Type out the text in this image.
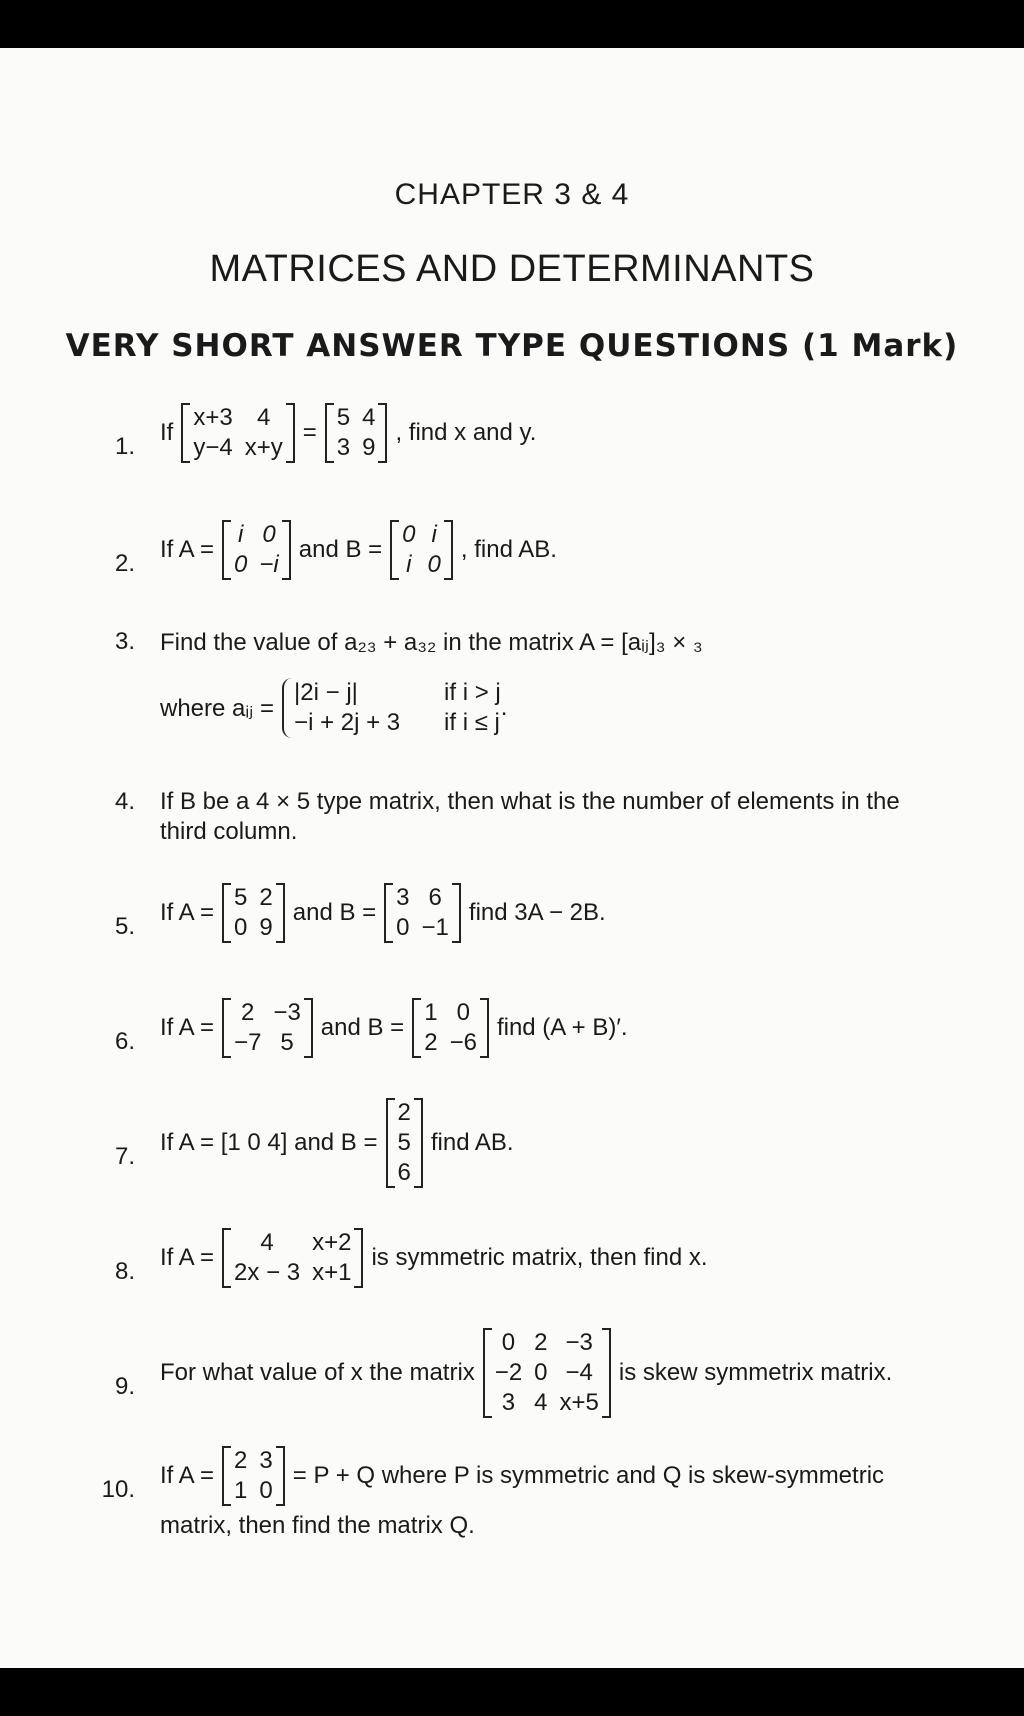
CHAPTER 3 & 4
MATRICES AND DETERMINANTS
VERY SHORT ANSWER TYPE QUESTIONS (1 Mark)
1.
If
x+3
y−4
4
x+y
=
5
3
4
9
, find x and y.
2.
If A =
i
0
0
−i
and B =
0
i
i
0
, find AB.
3. Find the value of a₂₃ + a₃₂ in the matrix A = [aᵢⱼ]₃ × ₃
where aᵢⱼ =
|2i − j|	if i > j
−i + 2j + 3 if i ≤ j
.
4. If B be a 4 × 5 type matrix, then what is the number of elements in the
third column.
5.
If A =
5
0
2
9
and B =
3
0
6
−1
find 3A − 2B.
6.
If A =
2
−7
−3
5
and B =
1
2
0
−6
find (A + B)′.
7.
If A = [1 0 4] and B =
2
5
6
find AB.
8.
If A =
4
2x − 3
x+2
x+1
is symmetric matrix, then find x.
9.
For what value of x the matrix
0
−2
3
2
0
4
−3
−4
x+5
is skew symmetrix matrix.
10.
If A =
2
1
3
0
= P + Q where P is symmetric and Q is skew-symmetric
matrix, then find the matrix Q.
